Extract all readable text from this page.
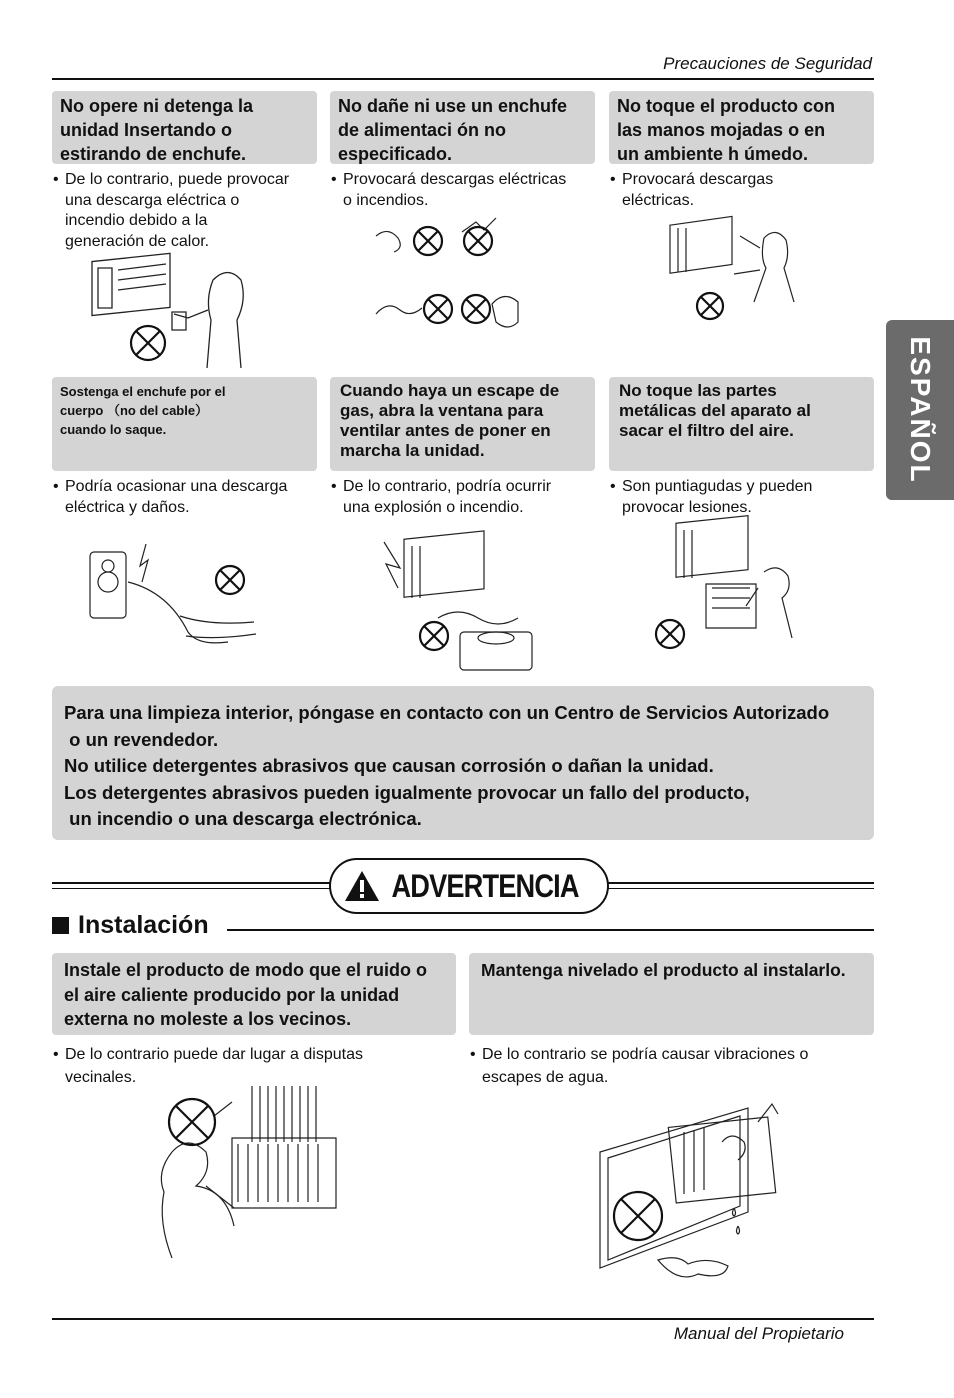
Precauciones de Seguridad
ESPAÑOL
No opere ni detenga la
unidad Insertando o
estirando de enchufe.
No dañe ni use un enchufe
de alimentaci ón no
especificado.
No toque el producto con
las manos mojadas o en
un ambiente h úmedo.
• De lo contrario, puede provocar
una descarga eléctrica o
incendio debido a la
generación de calor.
• Provocará descargas eléctricas
o incendios.
• Provocará descargas
eléctricas.
Sostenga el enchufe por el
cuerpo （no del cable）
cuando lo saque.
Cuando haya un escape de
gas, abra la ventana para
ventilar antes de poner en
marcha la unidad.
No toque las partes
metálicas del aparato al
sacar el filtro del aire.
• Podría ocasionar una descarga
eléctrica y daños.
• De lo contrario, podría ocurrir
una explosión o incendio.
• Son puntiagudas y pueden
provocar lesiones.
Para una limpieza interior, póngase en contacto con un Centro de Servicios Autorizado
o un revendedor.
No utilice detergentes abrasivos que causan corrosión o dañan la unidad.
Los detergentes abrasivos pueden igualmente provocar un fallo del producto,
un incendio o una descarga electrónica.
ADVERTENCIA
Instalación
Instale el producto de modo que el ruido o
el aire caliente producido por la unidad
externa no moleste a los vecinos.
Mantenga nivelado el producto al instalarlo.
• De lo contrario puede dar lugar a disputas
vecinales.
• De lo contrario se podría causar vibraciones o
escapes de agua.
Manual del Propietario
